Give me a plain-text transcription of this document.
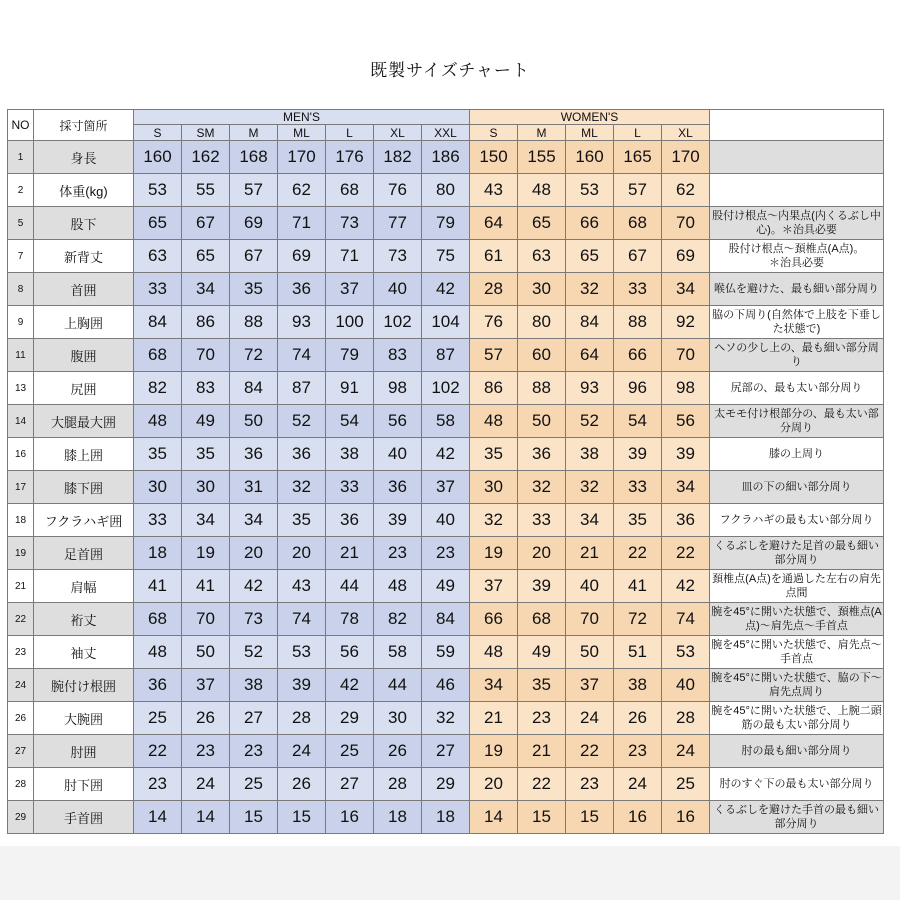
既製サイズチャート
NO	採寸箇所	MEN'S							WOMEN'S					
		S	SM	M	ML	L	XL	XXL	S	M	ML	L	XL	
1	身長	160	162	168	170	176	182	186	150	155	160	165	170	
2	体重(kg)	53	55	57	62	68	76	80	43	48	53	57	62	
5	股下	65	67	69	71	73	77	79	64	65	66	68	70	股付け根点～内果点(内くるぶし中心)。＊治具必要
7	新背丈	63	65	67	69	71	73	75	61	63	65	67	69	股付け根点～頚椎点(A点)。
＊治具必要
8	首囲	33	34	35	36	37	40	42	28	30	32	33	34	喉仏を避けた、最も細い部分周り
9	上胸囲	84	86	88	93	100	102	104	76	80	84	88	92	脇の下周り(自然体で上肢を下垂した状態で)
11	腹囲	68	70	72	74	79	83	87	57	60	64	66	70	ヘソの少し上の、最も細い部分周り
13	尻囲	82	83	84	87	91	98	102	86	88	93	96	98	尻部の、最も太い部分周り
14	大腿最大囲	48	49	50	52	54	56	58	48	50	52	54	56	太モモ付け根部分の、最も太い部分周り
16	膝上囲	35	35	36	36	38	40	42	35	36	38	39	39	膝の上周り
17	膝下囲	30	30	31	32	33	36	37	30	32	32	33	34	皿の下の細い部分周り
18	フクラハギ囲	33	34	34	35	36	39	40	32	33	34	35	36	フクラハギの最も太い部分周り
19	足首囲	18	19	20	20	21	23	23	19	20	21	22	22	くるぶしを避けた足首の最も細い部分周り
21	肩幅	41	41	42	43	44	48	49	37	39	40	41	42	頚椎点(A点)を通過した左右の肩先点間
22	裄丈	68	70	73	74	78	82	84	66	68	70	72	74	腕を45°に開いた状態で、頚椎点(A点)～肩先点～手首点
23	袖丈	48	50	52	53	56	58	59	48	49	50	51	53	腕を45°に開いた状態で、肩先点～手首点
24	腕付け根囲	36	37	38	39	42	44	46	34	35	37	38	40	腕を45°に開いた状態で、脇の下～肩先点周り
26	大腕囲	25	26	27	28	29	30	32	21	23	24	26	28	腕を45°に開いた状態で、上腕二頭筋の最も太い部分周り
27	肘囲	22	23	23	24	25	26	27	19	21	22	23	24	肘の最も細い部分周り
28	肘下囲	23	24	25	26	27	28	29	20	22	23	24	25	肘のすぐ下の最も太い部分周り
29	手首囲	14	14	15	15	16	18	18	14	15	15	16	16	くるぶしを避けた手首の最も細い部分周り
